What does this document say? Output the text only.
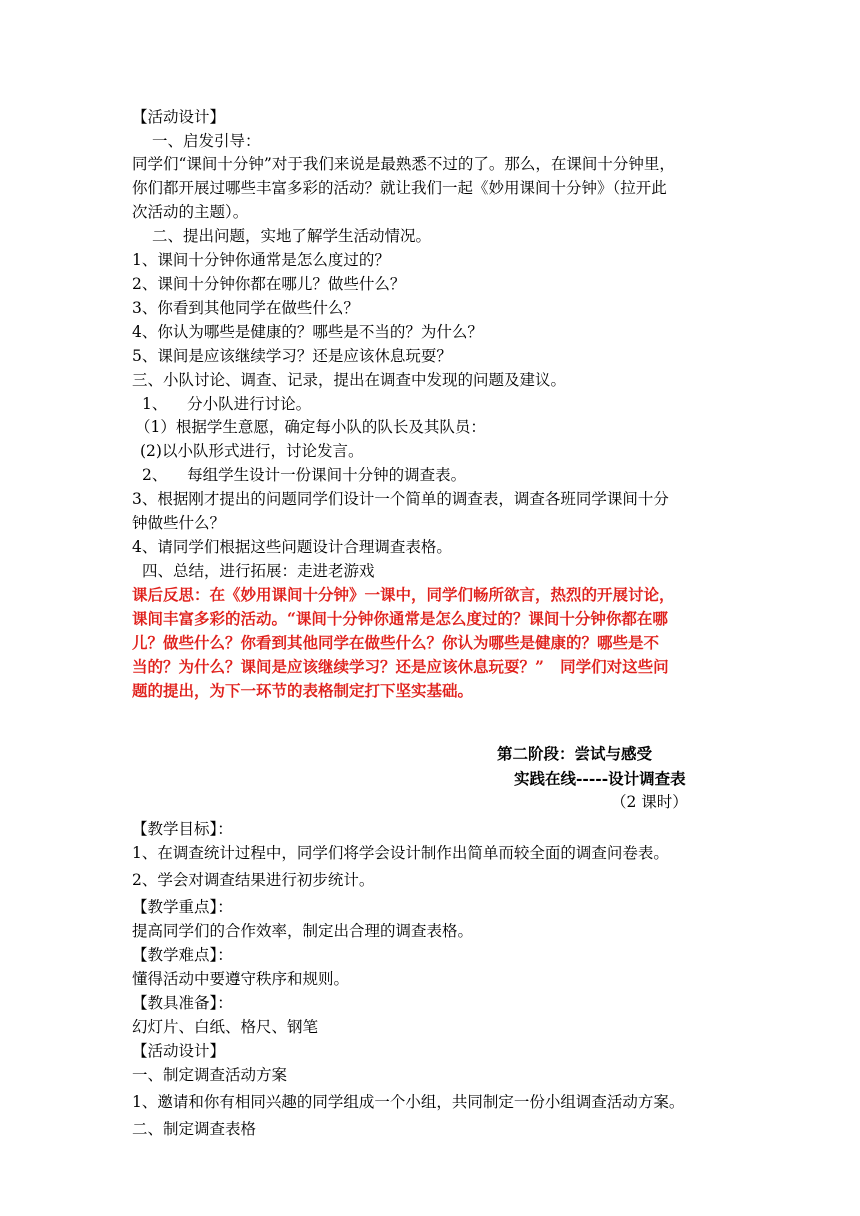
【活动设计】
一、启发引导：
同学们“课间十分钟”对于我们来说是最熟悉不过的了。那么，在课间十分钟里，
你们都开展过哪些丰富多彩的活动？就让我们一起《妙用课间十分钟》（拉开此
次活动的主题）。
二、提出问题，实地了解学生活动情况。
1、课间十分钟你通常是怎么度过的？
2、课间十分钟你都在哪儿？做些什么？
3、你看到其他同学在做些什么？
4、你认为哪些是健康的？哪些是不当的？为什么？
5、课间是应该继续学习？还是应该休息玩耍？
三、小队讨论、调查、记录，提出在调查中发现的问题及建议。
1、    分小队进行讨论。
（1）根据学生意愿，确定每小队的队长及其队员：
(2)以小队形式进行，讨论发言。
2、    每组学生设计一份课间十分钟的调查表。
3、根据刚才提出的问题同学们设计一个简单的调查表，调查各班同学课间十分
钟做些什么？
4、请同学们根据这些问题设计合理调查表格。
四、总结，进行拓展：走进老游戏
课后反思：在《妙用课间十分钟》一课中，同学们畅所欲言，热烈的开展讨论，
课间丰富多彩的活动。“课间十分钟你通常是怎么度过的？课间十分钟你都在哪
儿？做些什么？你看到其他同学在做些什么？你认为哪些是健康的？哪些是不
当的？为什么？课间是应该继续学习？还是应该休息玩耍？”   同学们对这些问
题的提出，为下一环节的表格制定打下坚实基础。
第二阶段：尝试与感受
实践在线-----设计调查表
（2 课时）
【教学目标】：
1、在调查统计过程中，同学们将学会设计制作出简单而较全面的调查问卷表。
2、学会对调查结果进行初步统计。
【教学重点】：
提高同学们的合作效率，制定出合理的调查表格。
【教学难点】：
懂得活动中要遵守秩序和规则。
【教具准备】：
幻灯片、白纸、格尺、钢笔
【活动设计】
一、制定调查活动方案
1、邀请和你有相同兴趣的同学组成一个小组，共同制定一份小组调查活动方案。
二、制定调查表格
